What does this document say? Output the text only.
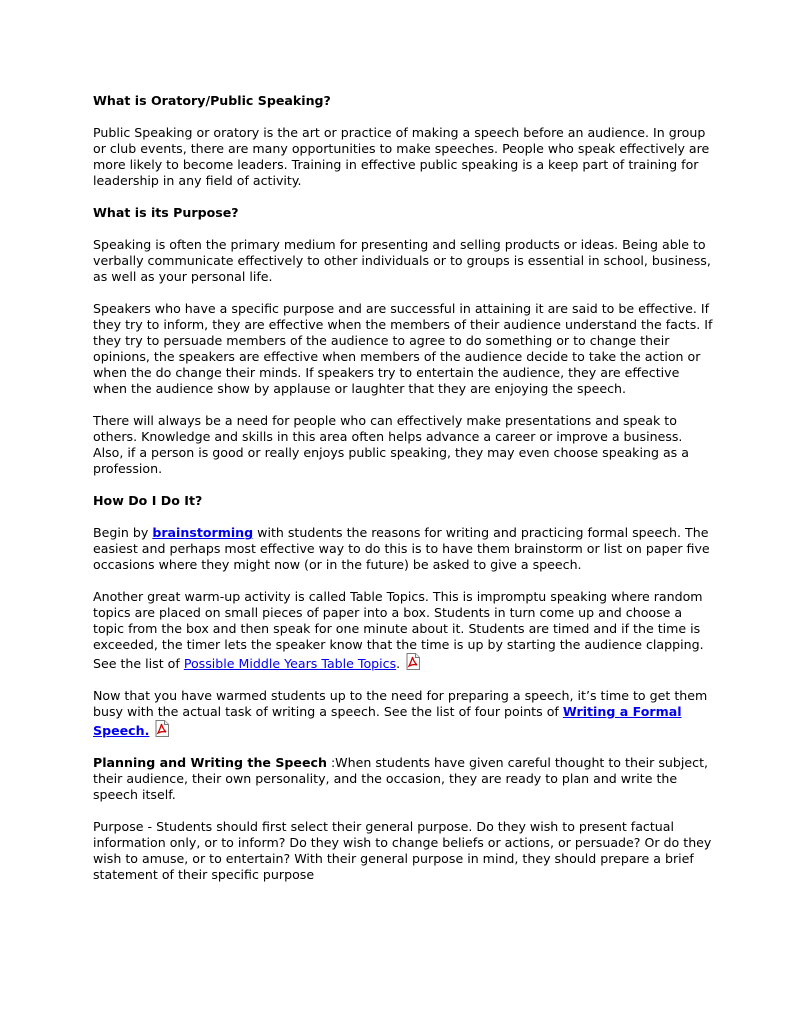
What is Oratory/Public Speaking?

Public Speaking or oratory is the art or practice of making a speech before an audience. In group or club events, there are many opportunities to make speeches. People who speak effectively are more likely to become leaders. Training in effective public speaking is a keep part of training for leadership in any field of activity.

What is its Purpose?

Speaking is often the primary medium for presenting and selling products or ideas. Being able to verbally communicate effectively to other individuals or to groups is essential in school, business, as well as your personal life.

Speakers who have a specific purpose and are successful in attaining it are said to be effective. If they try to inform, they are effective when the members of their audience understand the facts. If they try to persuade members of the audience to agree to do something or to change their opinions, the speakers are effective when members of the audience decide to take the action or when the do change their minds. If speakers try to entertain the audience, they are effective when the audience show by applause or laughter that they are enjoying the speech.

There will always be a need for people who can effectively make presentations and speak to others. Knowledge and skills in this area often helps advance a career or improve a business. Also, if a person is good or really enjoys public speaking, they may even choose speaking as a profession.

How Do I Do It?

Begin by brainstorming with students the reasons for writing and practicing formal speech. The easiest and perhaps most effective way to do this is to have them brainstorm or list on paper five occasions where they might now (or in the future) be asked to give a speech.

Another great warm-up activity is called Table Topics. This is impromptu speaking where random topics are placed on small pieces of paper into a box. Students in turn come up and choose a topic from the box and then speak for one minute about it. Students are timed and if the time is exceeded, the timer lets the speaker know that the time is up by starting the audience clapping. See the list of Possible Middle Years Table Topics.

Now that you have warmed students up to the need for preparing a speech, it’s time to get them busy with the actual task of writing a speech. See the list of four points of Writing a Formal Speech.

Planning and Writing the Speech :When students have given careful thought to their subject, their audience, their own personality, and the occasion, they are ready to plan and write the speech itself.

Purpose - Students should first select their general purpose. Do they wish to present factual information only, or to inform? Do they wish to change beliefs or actions, or persuade? Or do they wish to amuse, or to entertain? With their general purpose in mind, they should prepare a brief statement of their specific purpose
